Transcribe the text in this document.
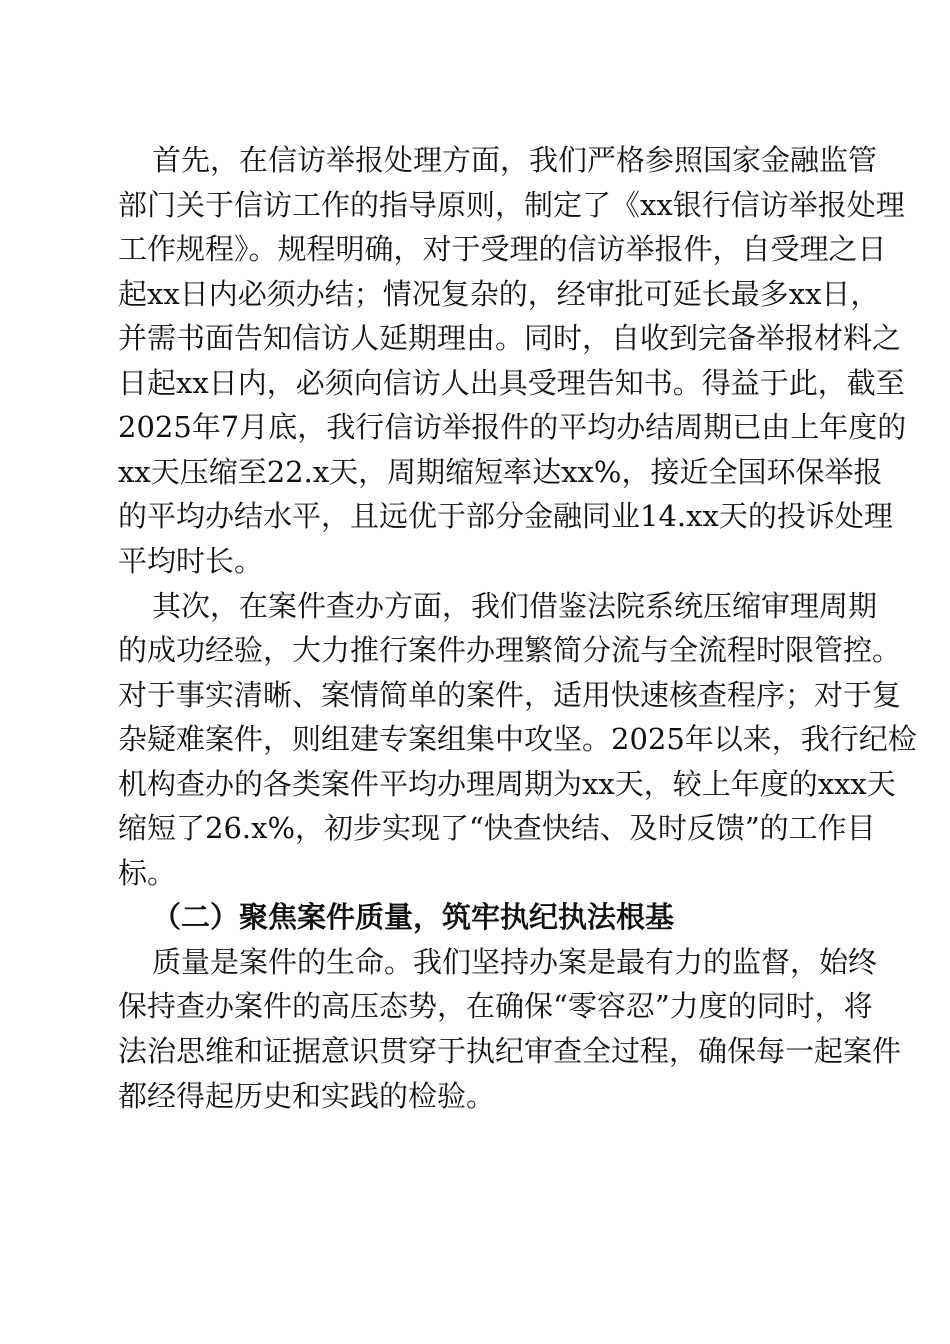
首先，在信访举报处理方面，我们严格参照国家金融监管
部门关于信访工作的指导原则，制定了《xx银行信访举报处理
工作规程》。规程明确，对于受理的信访举报件，自受理之日
起xx日内必须办结；情况复杂的，经审批可延长最多xx日，
并需书面告知信访人延期理由。同时，自收到完备举报材料之
日起xx日内，必须向信访人出具受理告知书。得益于此，截至
2025年7月底，我行信访举报件的平均办结周期已由上年度的
xx天压缩至22.x天，周期缩短率达xx%，接近全国环保举报
的平均办结水平，且远优于部分金融同业14.xx天的投诉处理
平均时长。
其次，在案件查办方面，我们借鉴法院系统压缩审理周期
的成功经验，大力推行案件办理繁简分流与全流程时限管控。
对于事实清晰、案情简单的案件，适用快速核查程序；对于复
杂疑难案件，则组建专案组集中攻坚。2025年以来，我行纪检
机构查办的各类案件平均办理周期为xx天，较上年度的xxx天
缩短了26.x%，初步实现了“快查快结、及时反馈”的工作目
标。
（二）聚焦案件质量，筑牢执纪执法根基
质量是案件的生命。我们坚持办案是最有力的监督，始终
保持查办案件的高压态势，在确保“零容忍”力度的同时，将
法治思维和证据意识贯穿于执纪审查全过程，确保每一起案件
都经得起历史和实践的检验。
